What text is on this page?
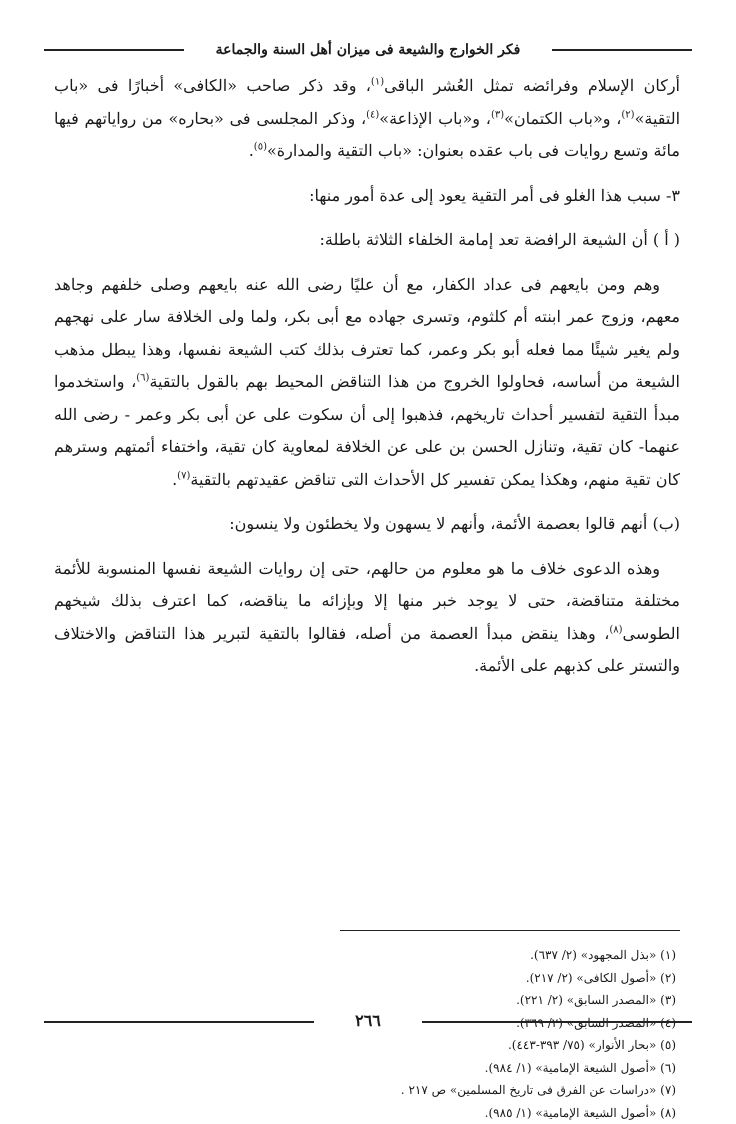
فكر الخوارج والشيعة فى ميزان أهل السنة والجماعة

أركان الإسلام وفرائضه تمثل العُشر الباقى$^{(١)}$، وقد ذكر صاحب «الكافى» أخبارًا فى «باب التقية»$^{(٢)}$، و«باب الكتمان»$^{(٣)}$، و«باب الإذاعة»$^{(٤)}$، وذكر المجلسى فى «بحاره» من رواياتهم فيها مائة وتسع روايات فى باب عقده بعنوان: «باب التقية والمدارة»$^{(٥)}$.

٣- سبب هذا الغلو فى أمر التقية يعود إلى عدة أمور منها:

( أ ) أن الشيعة الرافضة تعد إمامة الخلفاء الثلاثة باطلة:

وهم ومن بايعهم فى عداد الكفار، مع أن عليًا رضى الله عنه بايعهم وصلى خلفهم وجاهد معهم، وزوج عمر ابنته أم كلثوم، وتسرى جهاده مع أبى بكر، ولما ولى الخلافة سار على نهجهم ولم يغير شيئًا مما فعله أبو بكر وعمر، كما تعترف بذلك كتب الشيعة نفسها، وهذا يبطل مذهب الشيعة من أساسه، فحاولوا الخروج من هذا التناقض المحيط بهم بالقول بالتقية$^{(٦)}$، واستخدموا مبدأ التقية لتفسير أحداث تاريخهم، فذهبوا إلى أن سكوت على عن أبى بكر وعمر - رضى الله عنهما- كان تقية، وتنازل الحسن بن على عن الخلافة لمعاوية كان تقية، واختفاء أئمتهم وسترهم كان تقية منهم، وهكذا يمكن تفسير كل الأحداث التى تناقض عقيدتهم بالتقية$^{(٧)}$.

(ب) أنهم قالوا بعصمة الأئمة، وأنهم لا يسهون ولا يخطئون ولا ينسون:

وهذه الدعوى خلاف ما هو معلوم من حالهم، حتى إن روايات الشيعة نفسها المنسوبة للأئمة مختلفة متناقضة، حتى لا يوجد خبر منها إلا وبإزائه ما يناقضه، كما اعترف بذلك شيخهم الطوسى$^{(٨)}$، وهذا ينقض مبدأ العصمة من أصله، فقالوا بالتقية لتبرير هذا التناقض والاختلاف والتستر على كذبهم على الأئمة.

(١) «بذل المجهود» (٢/ ٦٣٧).
(٢) «أصول الكافى» (٢/ ٢١٧).
(٣) «المصدر السابق» (٢/ ٢٢١).
(٤) «المصدر السابق» (٢/ ٣٦٩).
(٥) «بحار الأنوار» (٧٥/ ٣٩٣-٤٤٣).
(٦) «أصول الشيعة الإمامية» (١/ ٩٨٤).
(٧) «دراسات عن الفرق فى تاريخ المسلمين» ص ٢١٧ .
(٨) «أصول الشيعة الإمامية» (١/ ٩٨٥).
٢٦٦
